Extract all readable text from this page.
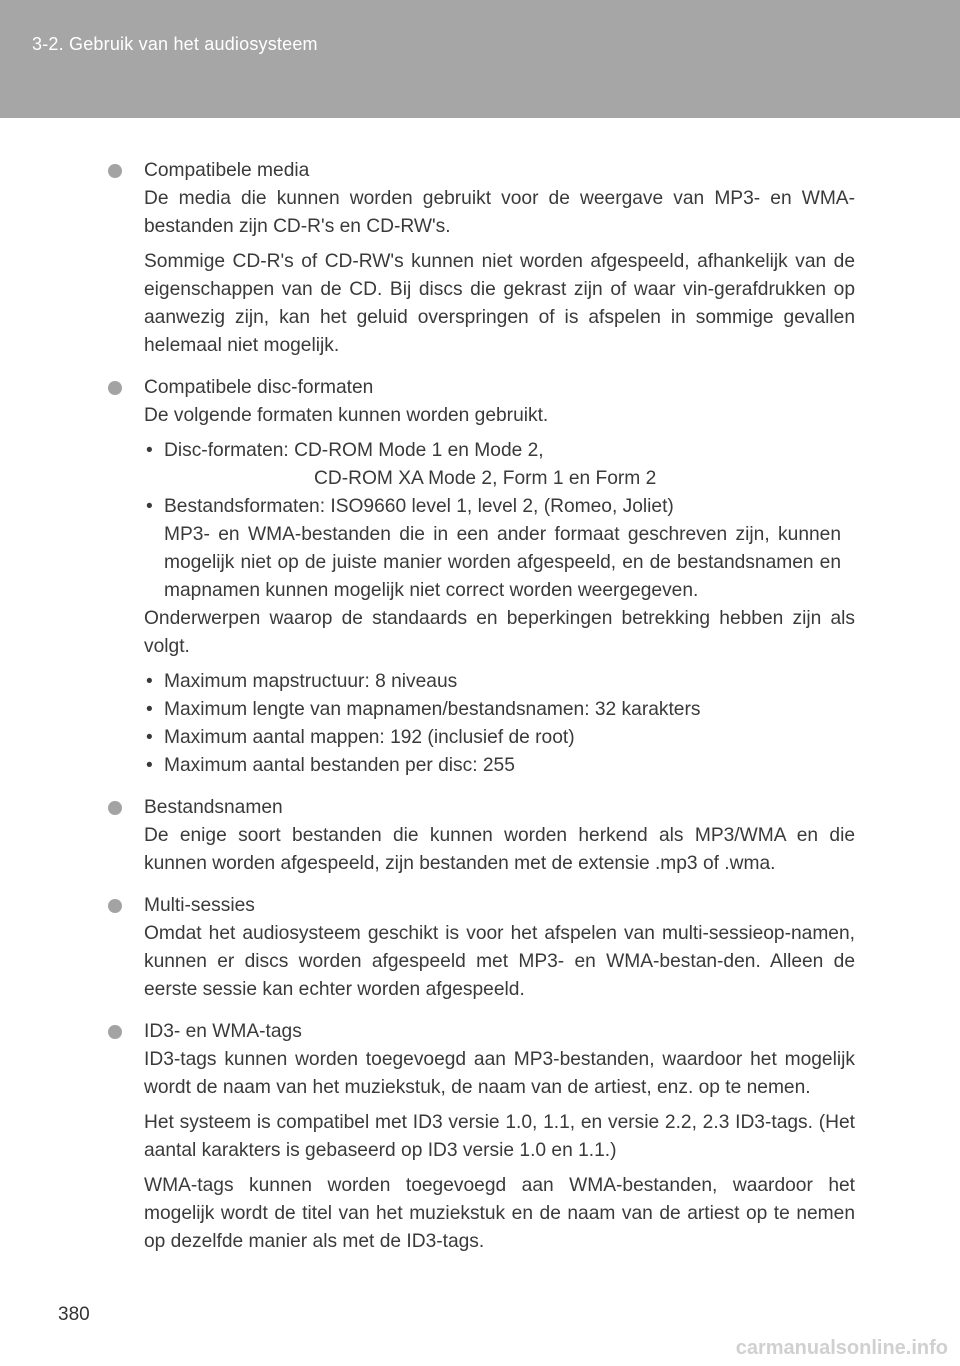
3-2. Gebruik van het audiosysteem
Compatibele media

De media die kunnen worden gebruikt voor de weergave van MP3- en WMA-bestanden zijn CD-R's en CD-RW's.

Sommige CD-R's of CD-RW's kunnen niet worden afgespeeld, afhankelijk van de eigenschappen van de CD. Bij discs die gekrast zijn of waar vin-gerafdrukken op aanwezig zijn, kan het geluid overspringen of is afspelen in sommige gevallen helemaal niet mogelijk.

Compatibele disc-formaten

De volgende formaten kunnen worden gebruikt.

• Disc-formaten: CD-ROM Mode 1 en Mode 2,
CD-ROM XA Mode 2, Form 1 en Form 2
• Bestandsformaten: ISO9660 level 1, level 2, (Romeo, Joliet)
MP3- en WMA-bestanden die in een ander formaat geschreven zijn, kunnen mogelijk niet op de juiste manier worden afgespeeld, en de bestandsnamen en mapnamen kunnen mogelijk niet correct worden weergegeven.

Onderwerpen waarop de standaards en beperkingen betrekking hebben zijn als volgt.

• Maximum mapstructuur: 8 niveaus
• Maximum lengte van mapnamen/bestandsnamen: 32 karakters
• Maximum aantal mappen: 192 (inclusief de root)
• Maximum aantal bestanden per disc: 255
Bestandsnamen

De enige soort bestanden die kunnen worden herkend als MP3/WMA en die kunnen worden afgespeeld, zijn bestanden met de extensie .mp3 of .wma.

Multi-sessies

Omdat het audiosysteem geschikt is voor het afspelen van multi-sessieop-namen, kunnen er discs worden afgespeeld met MP3- en WMA-bestan-den. Alleen de eerste sessie kan echter worden afgespeeld.

ID3- en WMA-tags

ID3-tags kunnen worden toegevoegd aan MP3-bestanden, waardoor het mogelijk wordt de naam van het muziekstuk, de naam van de artiest, enz. op te nemen.

Het systeem is compatibel met ID3 versie 1.0, 1.1, en versie 2.2, 2.3 ID3-tags. (Het aantal karakters is gebaseerd op ID3 versie 1.0 en 1.1.)

WMA-tags kunnen worden toegevoegd aan WMA-bestanden, waardoor het mogelijk wordt de titel van het muziekstuk en de naam van de artiest op te nemen op dezelfde manier als met de ID3-tags.

380
carmanualsonline.info
